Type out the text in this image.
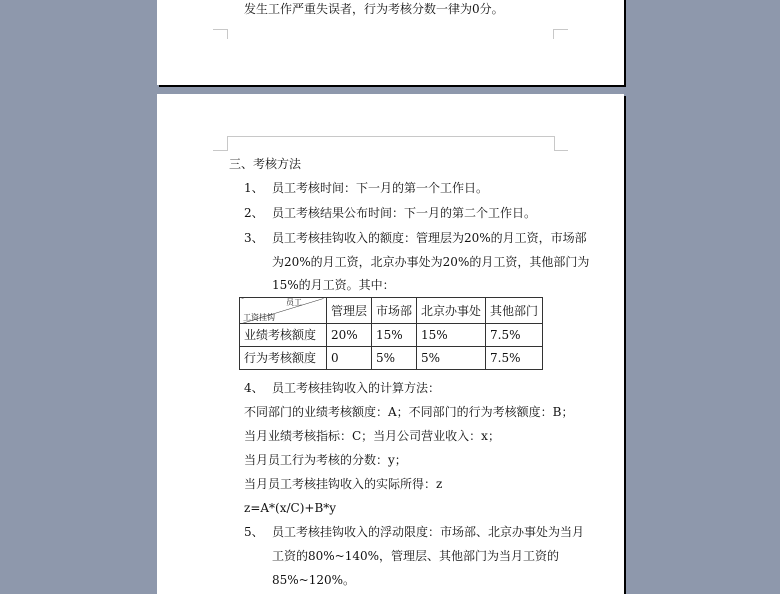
发生工作严重失误者，行为考核分数一律为0分。
三、考核方法
1、 员工考核时间：下一月的第一个工作日。
2、 员工考核结果公布时间：下一月的第二个工作日。
3、 员工考核挂钩收入的额度：管理层为20%的月工资，市场部
为20%的月工资，北京办事处为20%的月工资，其他部门为
15%的月工资。其中：
员工
工资挂钩	管理层	市场部	北京办事处	其他部门
业绩考核额度	20%	15%	15%	7.5%
行为考核额度	0	5%	5%	7.5%
4、 员工考核挂钩收入的计算方法：
不同部门的业绩考核额度：A；不同部门的行为考核额度：B；
当月业绩考核指标：C；当月公司营业收入：x；
当月员工行为考核的分数：y；
当月员工考核挂钩收入的实际所得：z
z=A*(x/C)+B*y
5、 员工考核挂钩收入的浮动限度：市场部、北京办事处为当月
工资的80%~140%，管理层、其他部门为当月工资的
85%~120%。
